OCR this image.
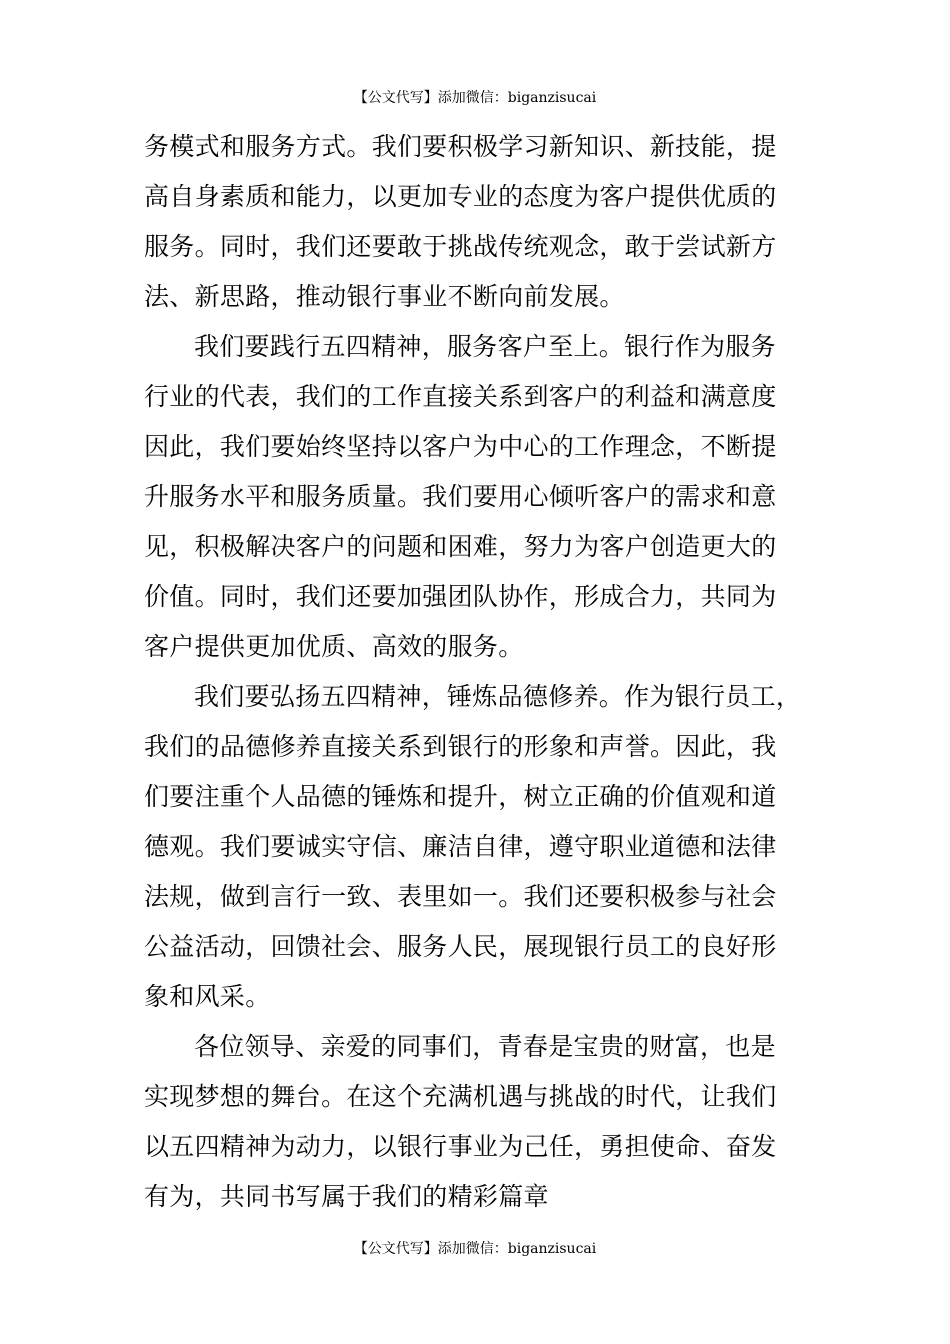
【公文代写】添加微信：biganzisucai
务模式和服务方式。我们要积极学习新知识、新技能，提
高自身素质和能力，以更加专业的态度为客户提供优质的
服务。同时，我们还要敢于挑战传统观念，敢于尝试新方
法、新思路，推动银行事业不断向前发展。
我们要践行五四精神，服务客户至上。银行作为服务
行业的代表，我们的工作直接关系到客户的利益和满意度
因此，我们要始终坚持以客户为中心的工作理念，不断提
升服务水平和服务质量。我们要用心倾听客户的需求和意
见，积极解决客户的问题和困难，努力为客户创造更大的
价值。同时，我们还要加强团队协作，形成合力，共同为
客户提供更加优质、高效的服务。
我们要弘扬五四精神，锤炼品德修养。作为银行员工，
我们的品德修养直接关系到银行的形象和声誉。因此，我
们要注重个人品德的锤炼和提升，树立正确的价值观和道
德观。我们要诚实守信、廉洁自律，遵守职业道德和法律
法规，做到言行一致、表里如一。我们还要积极参与社会
公益活动，回馈社会、服务人民，展现银行员工的良好形
象和风采。
各位领导、亲爱的同事们，青春是宝贵的财富，也是
实现梦想的舞台。在这个充满机遇与挑战的时代，让我们
以五四精神为动力，以银行事业为己任，勇担使命、奋发
有为，共同书写属于我们的精彩篇章
【公文代写】添加微信：biganzisucai
